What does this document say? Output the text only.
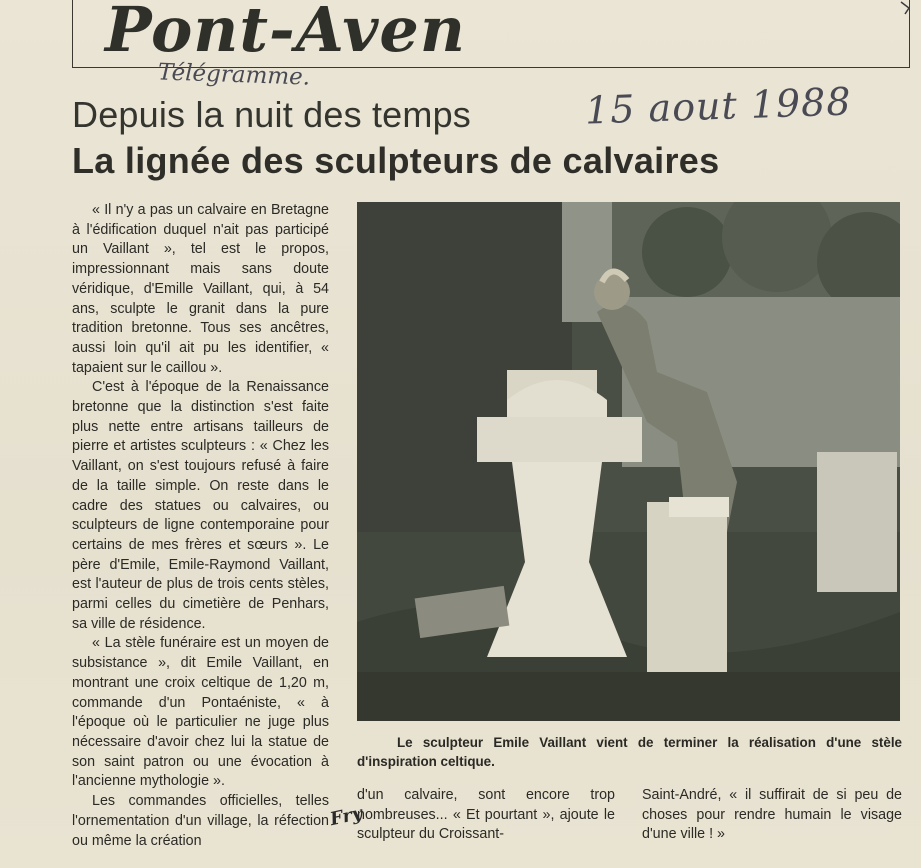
Pont-Aven
Télégramme.
15 aout 1988
Depuis la nuit des temps
La lignée des sculpteurs de calvaires

« Il n'y a pas un calvaire en Bretagne à l'édification duquel n'ait pas participé un Vaillant », tel est le propos, impressionnant mais sans doute véridique, d'Emille Vaillant, qui, à 54 ans, sculpte le granit dans la pure tradition bretonne. Tous ses ancêtres, aussi loin qu'il ait pu les identifier, « tapaient sur le caillou ».

C'est à l'époque de la Renaissance bretonne que la distinction s'est faite plus nette entre artisans tailleurs de pierre et artistes sculpteurs : « Chez les Vaillant, on s'est toujours refusé à faire de la taille simple. On reste dans le cadre des statues ou calvaires, ou sculpteurs de ligne contemporaine pour certains de mes frères et sœurs ». Le père d'Emile, Emile-Raymond Vaillant, est l'auteur de plus de trois cents stèles, parmi celles du cimetière de Penhars, sa ville de résidence.

« La stèle funéraire est un moyen de subsistance », dit Emile Vaillant, en montrant une croix celtique de 1,20 m, commande d'un Pontaéniste, « à l'époque où le particulier ne juge plus nécessaire d'avoir chez lui la statue de son saint patron ou une évocation à l'ancienne mythologie ».

Les commandes officielles, telles l'ornementation d'un village, la réfection ou même la création

Le sculpteur Emile Vaillant vient de terminer la réalisation d'une stèle d'inspiration celtique.

d'un calvaire, sont encore trop nombreuses... « Et pourtant », ajoute le sculpteur du Croissant-

Saint-André, « il suffirait de si peu de choses pour rendre humain le visage d'une ville ! »

Fry
